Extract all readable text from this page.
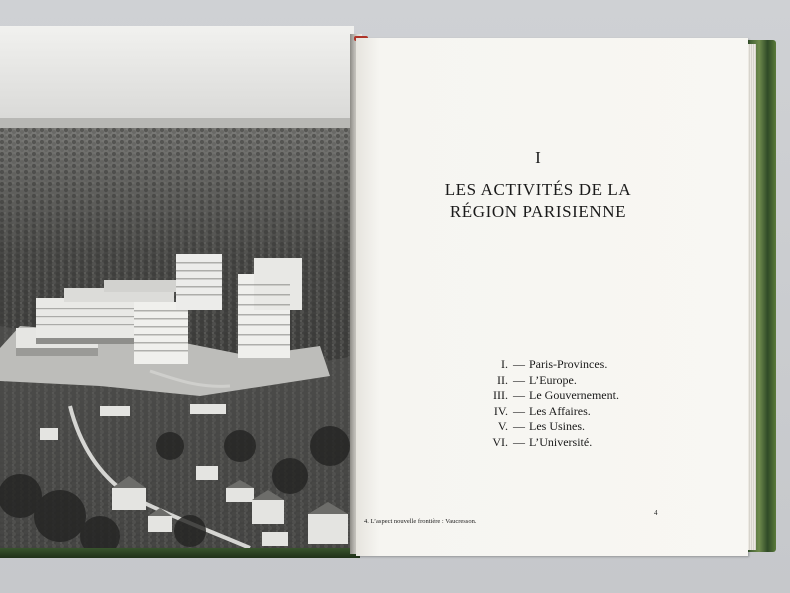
I
LES ACTIVITÉS DE LA
RÉGION PARISIENNE
I. — Paris-Provinces.
II. — L’Europe.
III. — Le Gouvernement.
IV. — Les Affaires.
V. — Les Usines.
VI. — L’Université.
4
4. L’aspect nouvelle frontière : Vaucresson.
